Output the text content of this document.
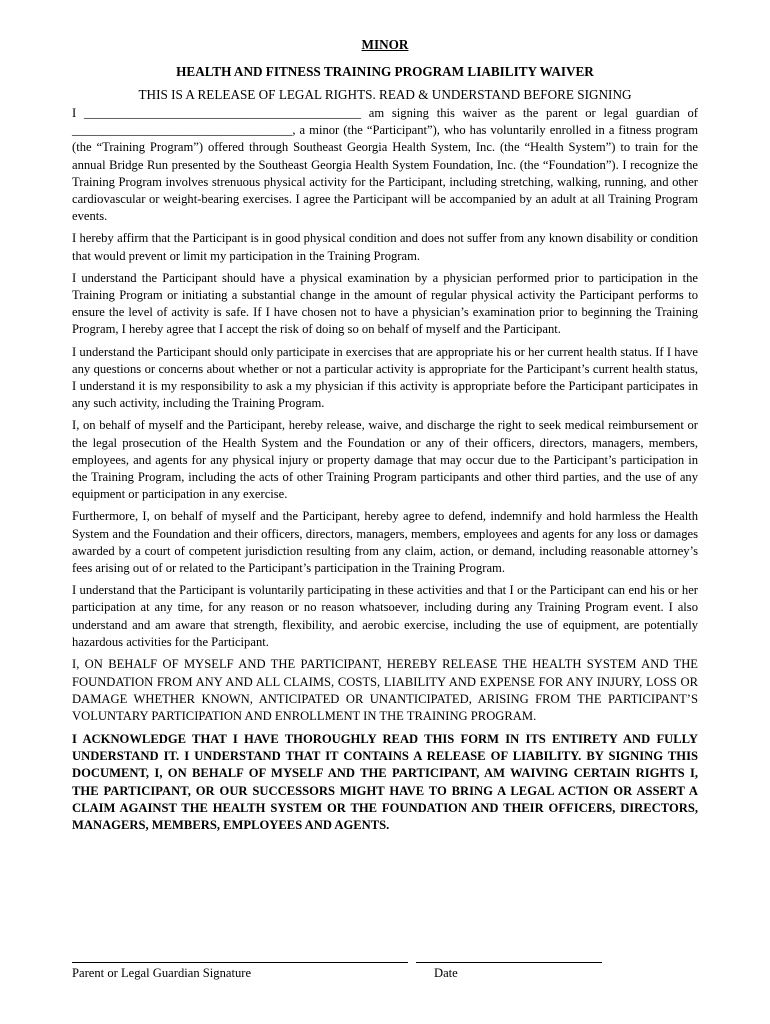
MINOR
HEALTH AND FITNESS TRAINING PROGRAM LIABILITY WAIVER
THIS IS A RELEASE OF LEGAL RIGHTS. READ & UNDERSTAND BEFORE SIGNING

I ____________________________________________ am signing this waiver as the parent or legal guardian of ___________________________________, a minor (the “Participant”), who has voluntarily enrolled in a fitness program (the “Training Program”) offered through Southeast Georgia Health System, Inc. (the “Health System”) to train for the annual Bridge Run presented by the Southeast Georgia Health System Foundation, Inc. (the “Foundation”). I recognize the Training Program involves strenuous physical activity for the Participant, including stretching, walking, running, and other cardiovascular or weight-bearing exercises. I agree the Participant will be accompanied by an adult at all Training Program events.

I hereby affirm that the Participant is in good physical condition and does not suffer from any known disability or condition that would prevent or limit my participation in the Training Program.

I understand the Participant should have a physical examination by a physician performed prior to participation in the Training Program or initiating a substantial change in the amount of regular physical activity the Participant performs to ensure the level of activity is safe. If I have chosen not to have a physician’s examination prior to beginning the Training Program, I hereby agree that I accept the risk of doing so on behalf of myself and the Participant.

I understand the Participant should only participate in exercises that are appropriate his or her current health status. If I have any questions or concerns about whether or not a particular activity is appropriate for the Participant’s current health status, I understand it is my responsibility to ask a my physician if this activity is appropriate before the Participant participates in any such activity, including the Training Program.

I, on behalf of myself and the Participant, hereby release, waive, and discharge the right to seek medical reimbursement or the legal prosecution of the Health System and the Foundation or any of their officers, directors, managers, members, employees, and agents for any physical injury or property damage that may occur due to the Participant’s participation in the Training Program, including the acts of other Training Program participants and other third parties, and the use of any equipment or participation in any exercise.

Furthermore, I, on behalf of myself and the Participant, hereby agree to defend, indemnify and hold harmless the Health System and the Foundation and their officers, directors, managers, members, employees and agents for any loss or damages awarded by a court of competent jurisdiction resulting from any claim, action, or demand, including reasonable attorney’s fees arising out of or related to the Participant’s participation in the Training Program.

I understand that the Participant is voluntarily participating in these activities and that I or the Participant can end his or her participation at any time, for any reason or no reason whatsoever, including during any Training Program event. I also understand and am aware that strength, flexibility, and aerobic exercise, including the use of equipment, are potentially hazardous activities for the Participant.

I, ON BEHALF OF MYSELF AND THE PARTICIPANT, HEREBY RELEASE THE HEALTH SYSTEM AND THE FOUNDATION FROM ANY AND ALL CLAIMS, COSTS, LIABILITY AND EXPENSE FOR ANY INJURY, LOSS OR DAMAGE WHETHER KNOWN, ANTICIPATED OR UNANTICIPATED, ARISING FROM THE PARTICIPANT’S VOLUNTARY PARTICIPATION AND ENROLLMENT IN THE TRAINING PROGRAM.

I ACKNOWLEDGE THAT I HAVE THOROUGHLY READ THIS FORM IN ITS ENTIRETY AND FULLY UNDERSTAND IT. I UNDERSTAND THAT IT CONTAINS A RELEASE OF LIABILITY. BY SIGNING THIS DOCUMENT, I, ON BEHALF OF MYSELF AND THE PARTICIPANT, AM WAIVING CERTAIN RIGHTS I, THE PARTICIPANT, OR OUR SUCCESSORS MIGHT HAVE TO BRING A LEGAL ACTION OR ASSERT A CLAIM AGAINST THE HEALTH SYSTEM OR THE FOUNDATION AND THEIR OFFICERS, DIRECTORS, MANAGERS, MEMBERS, EMPLOYEES AND AGENTS.

Parent or Legal Guardian Signature	Date
